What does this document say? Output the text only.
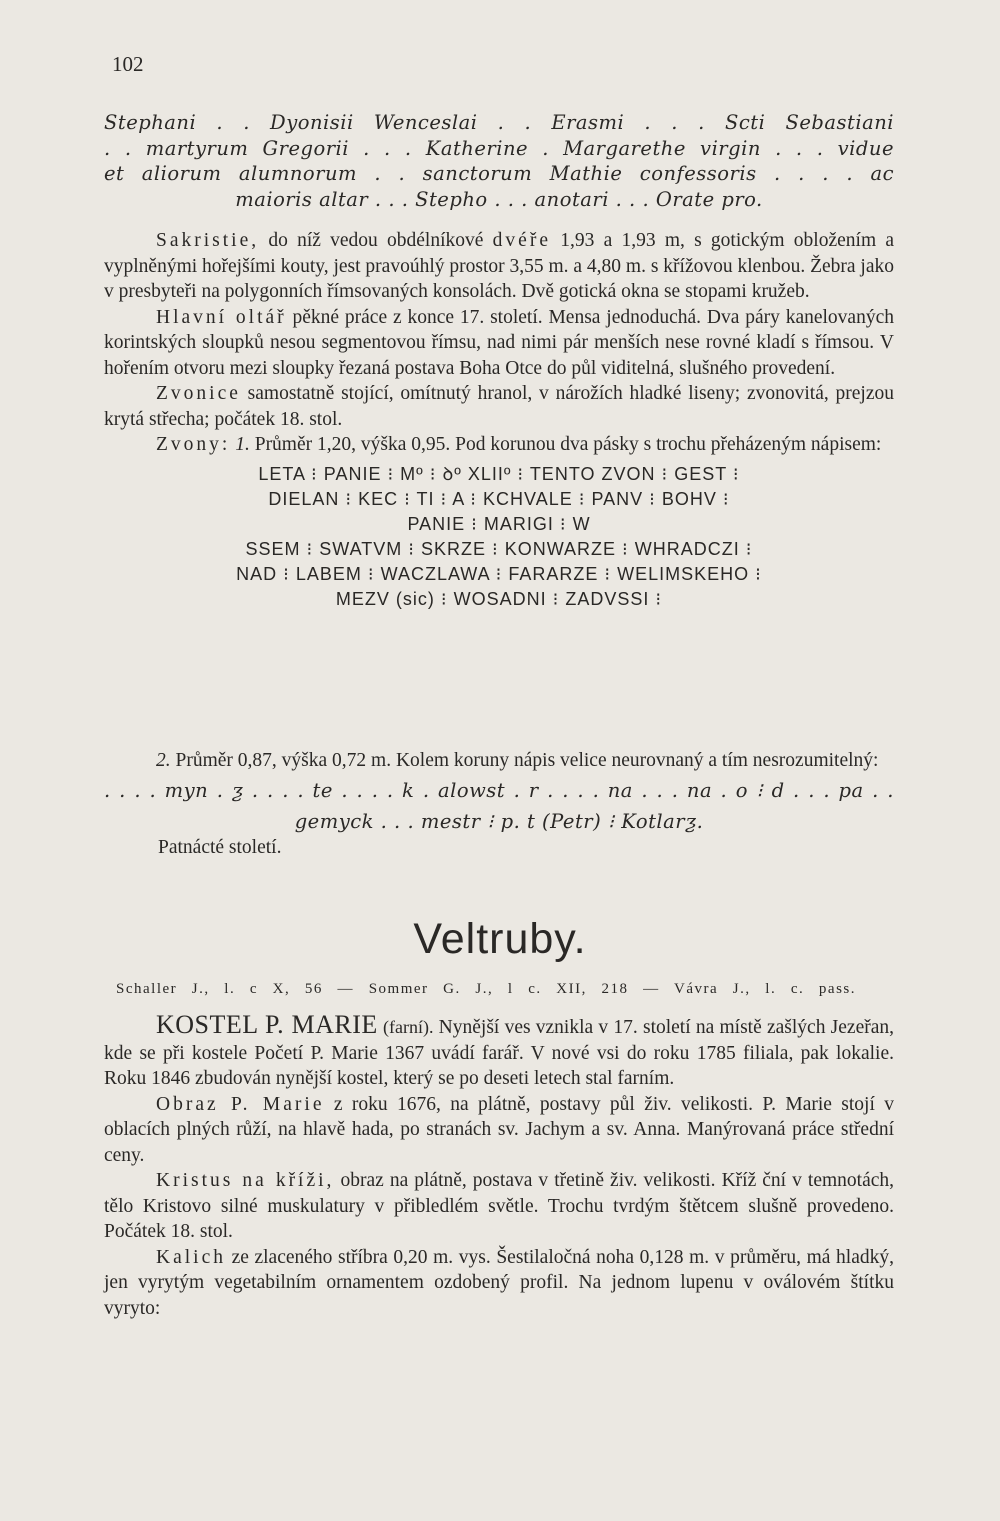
102

Stephani . . Dyonisii Wenceslai . . Erasmi . . . Scti Sebastiani

. . martyrum Gregorii . . . Katherine . Margarethe virgin . . . vidue

et aliorum alumnorum . . sanctorum Mathie confessoris . . . . ac

maioris altar . . . Stepho . . . anotari . . . Orate pro.

Sakristie, do níž vedou obdélníkové dvéře 1,93 a 1,93 m, s gotickým obložením a vyplněnými hořejšími kouty, jest pravoúhlý prostor 3,55 m. a 4,80 m. s křížovou klenbou. Žebra jako v presbyteři na polygonních římsovaných konsolách. Dvě gotická okna se stopami kružeb.

Hlavní oltář pěkné práce z konce 17. století. Mensa jednoduchá. Dva páry kanelovaných korintských sloupků nesou segmentovou římsu, nad nimi pár menších nese rovné kladí s římsou. V hořením otvoru mezi sloupky řezaná postava Boha Otce do půl viditelná, slušného provedení.

Zvonice samostatně stojící, omítnutý hranol, v nárožích hladké liseny; zvonovitá, prejzou krytá střecha; počátek 18. stol.

Zvony: 1. Průměr 1,20, výška 0,95. Pod korunou dva pásky s trochu přeházeným nápisem:

LETA ⁝ PANIE ⁝ Mº ⁝ ꝺº XLIIº ⁝ TENTO ZVON ⁝ GEST ⁝

DIELAN ⁝ KEC ⁝ TI ⁝ A ⁝ KCHVALE ⁝ PANV ⁝ BOHV ⁝

PANIE ⁝ MARIGI ⁝ W

SSEM ⁝ SWATVM ⁝ SKRZE ⁝ KONWARZE ⁝ WHRADCZI ⁝

NAD ⁝ LABEM ⁝ WACZLAWA ⁝ FARARZE ⁝ WELIMSKEHO ⁝

MEZV (sic) ⁝ WOSADNI ⁝ ZADVSSI ⁝

2. Průměr 0,87, výška 0,72 m. Kolem koruny nápis velice neurovnaný a tím nesrozumitelný:

. . . . myn . ƺ . . . . te . . . . k . alowst . r . . . . na . . . na . o ⁝ d . . . pa . .

gemyck . . . mestr ⁝ p. t (Petr) ⁝ Kotlarƺ.

Patnácté století.

Veltruby.
Schaller J., l. c X, 56 — Sommer G. J., l c. XII, 218 — Vávra J., l. c. pass.

KOSTEL P. MARIE (farní). Nynější ves vznikla v 17. století na místě zašlých Jezeřan, kde se při kostele Početí P. Marie 1367 uvádí farář. V nové vsi do roku 1785 filiala, pak lokalie. Roku 1846 zbudován nynější kostel, který se po deseti letech stal farním.

Obraz P. Marie z roku 1676, na plátně, postavy půl živ. velikosti. P. Marie stojí v oblacích plných růží, na hlavě hada, po stranách sv. Jachym a sv. Anna. Manýrovaná práce střední ceny.

Kristus na kříži, obraz na plátně, postava v třetině živ. velikosti. Kříž ční v temnotách, tělo Kristovo silné muskulatury v přibledlém světle. Trochu tvrdým štětcem slušně provedeno. Počátek 18. stol.

Kalich ze zlaceného stříbra 0,20 m. vys. Šestilaločná noha 0,128 m. v průměru, má hladký, jen vyrytým vegetabilním ornamentem ozdobený profil. Na jednom lupenu v oválovém štítku vyryto:
